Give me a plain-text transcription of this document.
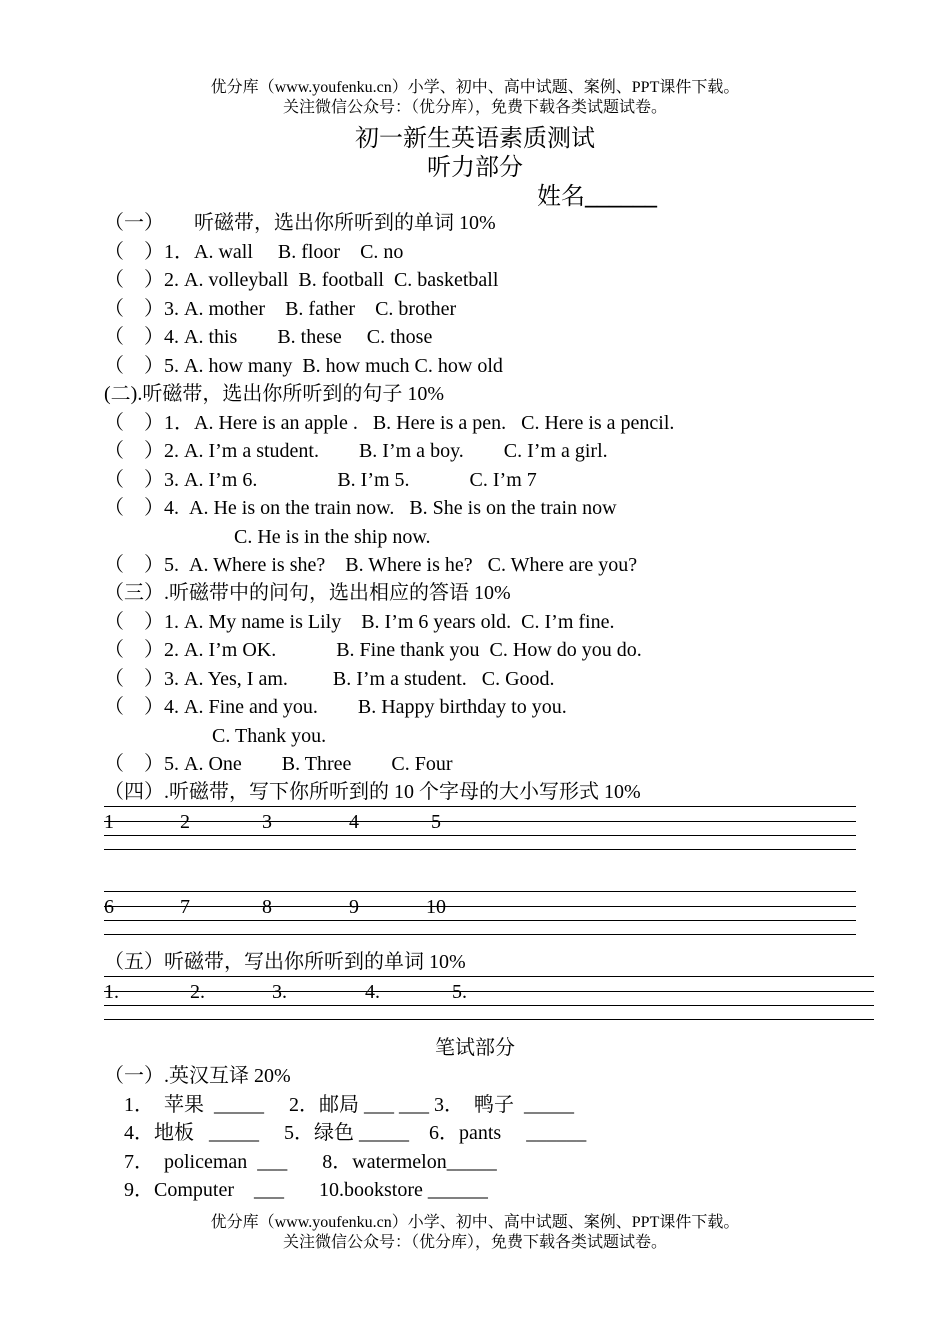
优分库（www.youfenku.cn）小学、初中、高中试题、案例、PPT课件下载。
关注微信公众号：（优分库），免费下载各类试题试卷。
初一新生英语素质测试
听力部分
姓名______
（一）　　听磁带，选出你所听到的单词 10%
（　）1．A. wall　 B. floor　C. no
（　）2. A. volleyball  B. football  C. basketball
（　）3. A. mother　B. father　C. brother
（　）4. A. this　　B. these　 C. those
（　）5. A. how many  B. how much C. how old
(二).听磁带，选出你所听到的句子 10%
（　）1．A. Here is an apple .   B. Here is a pen.   C. Here is a pencil.
（　）2. A. I’m a student.　　B. I’m a boy.　　C. I’m a girl.
（　）3. A. I’m 6.　　　　B. I’m 5.　　　C. I’m 7
（　）4.  A. He is on the train now.   B. She is on the train now
C. He is in the ship now.
（　）5.  A. Where is she?　B. Where is he?   C. Where are you?
（三）.听磁带中的问句，选出相应的答语 10%
（　）1. A. My name is Lily　B. I’m 6 years old.  C. I’m fine.
（　）2. A. I’m OK.　　　B. Fine thank you  C. How do you do.
（　）3. A. Yes, I am.　　 B. I’m a student.   C. Good.
（　）4. A. Fine and you.　　B. Happy birthday to you.
C. Thank you.
（　）5. A. One　　B. Three　　C. Four
（四）.听磁带，写下你所听到的 10 个字母的大小写形式 10%
1	2	3	4	5
6	7	8	9	10
（五）听磁带，写出你所听到的单词 10%
1.	2.	3.	4.	5.
笔试部分
（一）.英汉互译 20%
1．  苹果  _____     2．邮局 ___ ___ 3．  鸭子  _____
4．地板   _____     5．绿色 _____    6．pants     ______
7．  policeman  ___       8．watermelon_____
9．Computer    ___       10.bookstore ______
优分库（www.youfenku.cn）小学、初中、高中试题、案例、PPT课件下载。
关注微信公众号：（优分库），免费下载各类试题试卷。
